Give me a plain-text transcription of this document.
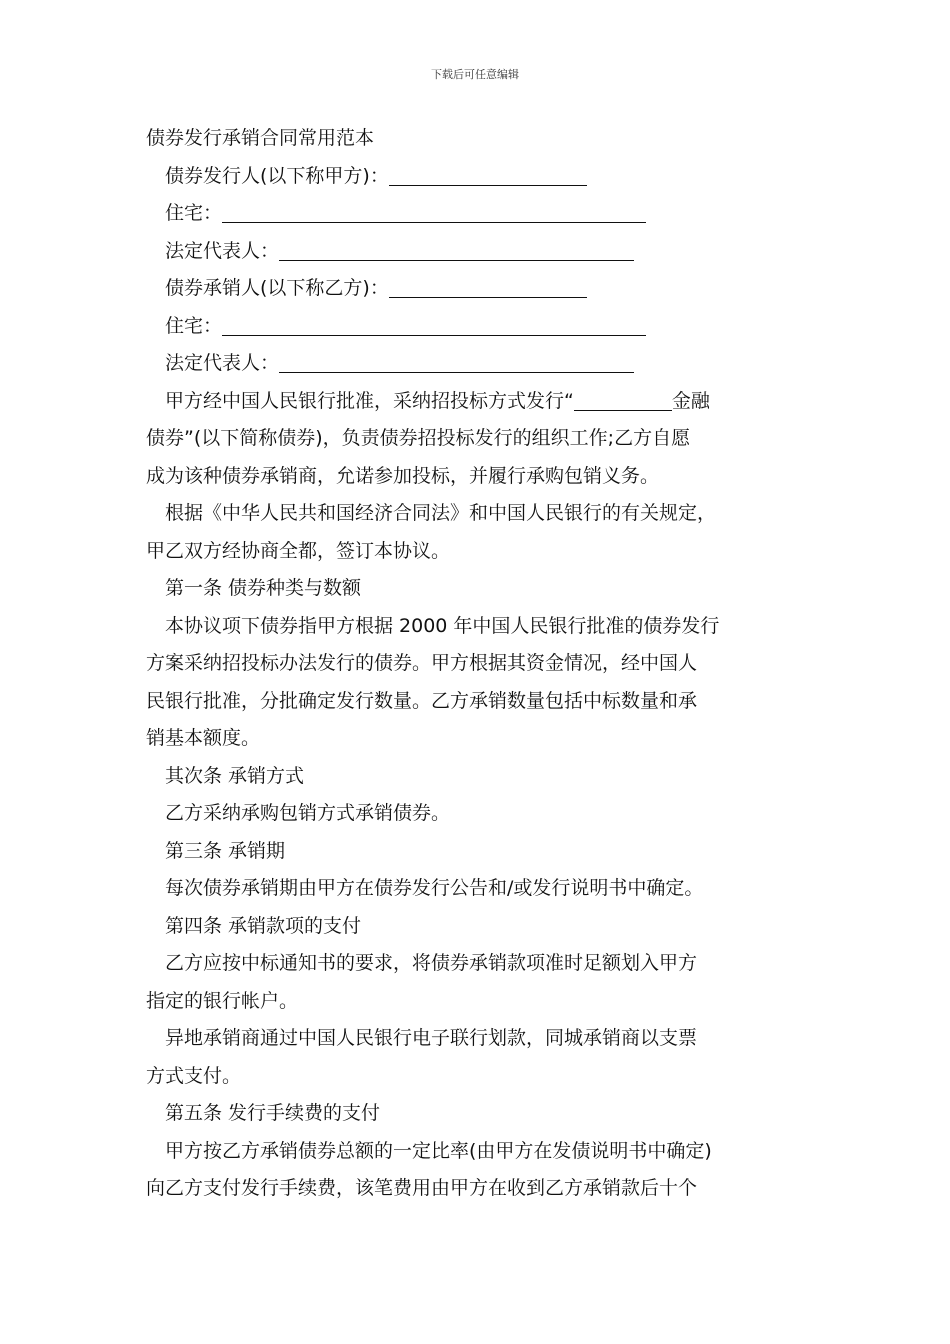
下载后可任意编辑
债券发行承销合同常用范本
债券发行人(以下称甲方)：
住宅：
法定代表人：
债券承销人(以下称乙方)：
住宅：
法定代表人：
甲方经中国人民银行批准，采纳招投标方式发行“	金融
债券”(以下简称债券)，负责债券招投标发行的组织工作;乙方自愿
成为该种债券承销商，允诺参加投标，并履行承购包销义务。
根据《中华人民共和国经济合同法》和中国人民银行的有关规定，
甲乙双方经协商全都，签订本协议。
第一条 债券种类与数额
本协议项下债券指甲方根据 2000 年中国人民银行批准的债券发行
方案采纳招投标办法发行的债券。甲方根据其资金情况，经中国人
民银行批准，分批确定发行数量。乙方承销数量包括中标数量和承
销基本额度。
其次条 承销方式
乙方采纳承购包销方式承销债券。
第三条 承销期
每次债券承销期由甲方在债券发行公告和/或发行说明书中确定。
第四条 承销款项的支付
乙方应按中标通知书的要求，将债券承销款项准时足额划入甲方
指定的银行帐户。
异地承销商通过中国人民银行电子联行划款，同城承销商以支票
方式支付。
第五条 发行手续费的支付
甲方按乙方承销债券总额的一定比率(由甲方在发债说明书中确定)
向乙方支付发行手续费，该笔费用由甲方在收到乙方承销款后十个
